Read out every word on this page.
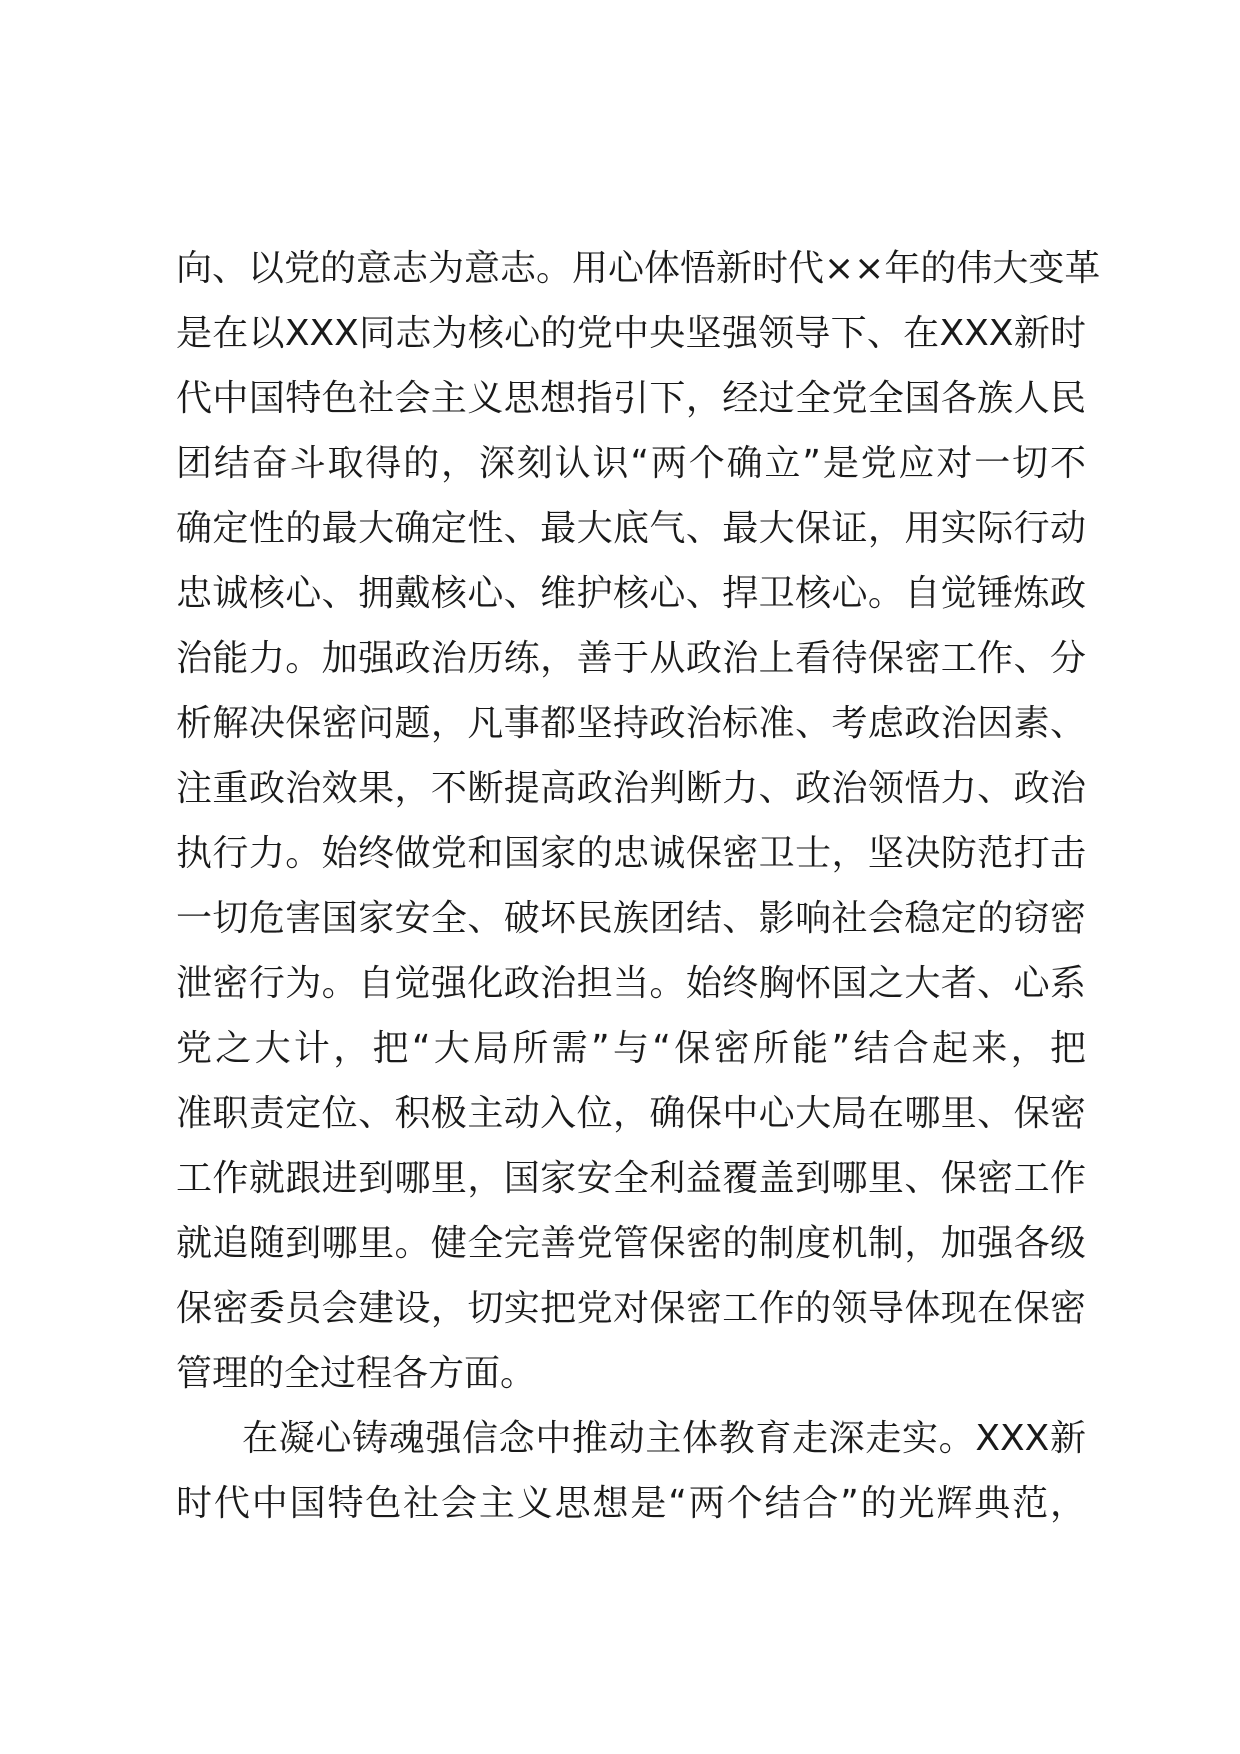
向、以党的意志为意志。用心体悟新时代××年的伟大变革
是在以XXX同志为核心的党中央坚强领导下、在XXX新时
代中国特色社会主义思想指引下，经过全党全国各族人民
团结奋斗取得的，深刻认识“两个确立”是党应对一切不
确定性的最大确定性、最大底气、最大保证，用实际行动
忠诚核心、拥戴核心、维护核心、捍卫核心。自觉锤炼政
治能力。加强政治历练，善于从政治上看待保密工作、分
析解决保密问题，凡事都坚持政治标准、考虑政治因素、
注重政治效果，不断提高政治判断力、政治领悟力、政治
执行力。始终做党和国家的忠诚保密卫士，坚决防范打击
一切危害国家安全、破坏民族团结、影响社会稳定的窃密
泄密行为。自觉强化政治担当。始终胸怀国之大者、心系
党之大计，把“大局所需”与“保密所能”结合起来，把
准职责定位、积极主动入位，确保中心大局在哪里、保密
工作就跟进到哪里，国家安全利益覆盖到哪里、保密工作
就追随到哪里。健全完善党管保密的制度机制，加强各级
保密委员会建设，切实把党对保密工作的领导体现在保密
管理的全过程各方面。
在凝心铸魂强信念中推动主体教育走深走实。XXX新
时代中国特色社会主义思想是“两个结合”的光辉典范，
